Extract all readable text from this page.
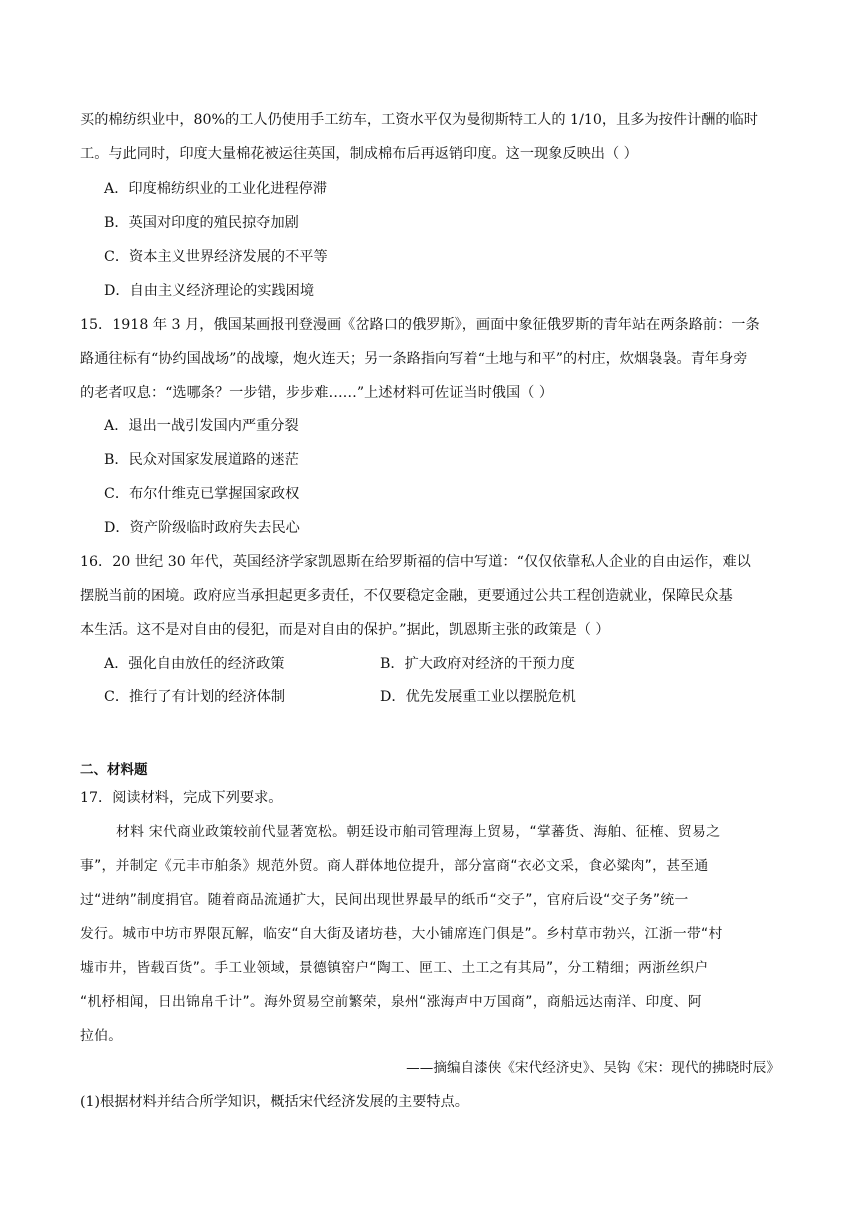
买的棉纺织业中，80%的工人仍使用手工纺车，工资水平仅为曼彻斯特工人的 1/10，且多为按件计酬的临时
工。与此同时，印度大量棉花被运往英国，制成棉布后再返销印度。这一现象反映出（ ）
A．印度棉纺织业的工业化进程停滞
B．英国对印度的殖民掠夺加剧
C．资本主义世界经济发展的不平等
D．自由主义经济理论的实践困境
15．1918 年 3 月，俄国某画报刊登漫画《岔路口的俄罗斯》，画面中象征俄罗斯的青年站在两条路前：一条
路通往标有“协约国战场”的战壕，炮火连天；另一条路指向写着“土地与和平”的村庄，炊烟袅袅。青年身旁
的老者叹息：“选哪条？一步错，步步难……”上述材料可佐证当时俄国（ ）
A．退出一战引发国内严重分裂
B．民众对国家发展道路的迷茫
C．布尔什维克已掌握国家政权
D．资产阶级临时政府失去民心
16．20 世纪 30 年代，英国经济学家凯恩斯在给罗斯福的信中写道：“仅仅依靠私人企业的自由运作，难以
摆脱当前的困境。政府应当承担起更多责任，不仅要稳定金融，更要通过公共工程创造就业，保障民众基
本生活。这不是对自由的侵犯，而是对自由的保护。”据此，凯恩斯主张的政策是（ ）
A．强化自由放任的经济政策	B．扩大政府对经济的干预力度
C．推行了有计划的经济体制	D．优先发展重工业以摆脱危机
二、材料题
17．阅读材料，完成下列要求。
材料 宋代商业政策较前代显著宽松。朝廷设市舶司管理海上贸易，“掌蕃货、海舶、征榷、贸易之
事”，并制定《元丰市舶条》规范外贸。商人群体地位提升，部分富商“衣必文采，食必粱肉”，甚至通
过“进纳”制度捐官。随着商品流通扩大，民间出现世界最早的纸币“交子”，官府后设“交子务”统一
发行。城市中坊市界限瓦解，临安“自大街及诸坊巷，大小铺席连门俱是”。乡村草市勃兴，江浙一带“村
墟市井，皆载百货”。手工业领域，景德镇窑户“陶工、匣工、土工之有其局”，分工精细；两浙丝织户
“机杼相闻，日出锦帛千计”。海外贸易空前繁荣，泉州“涨海声中万国商”，商船远达南洋、印度、阿
拉伯。
——摘编自漆侠《宋代经济史》、吴钩《宋：现代的拂晓时辰》
(1)根据材料并结合所学知识，概括宋代经济发展的主要特点。
